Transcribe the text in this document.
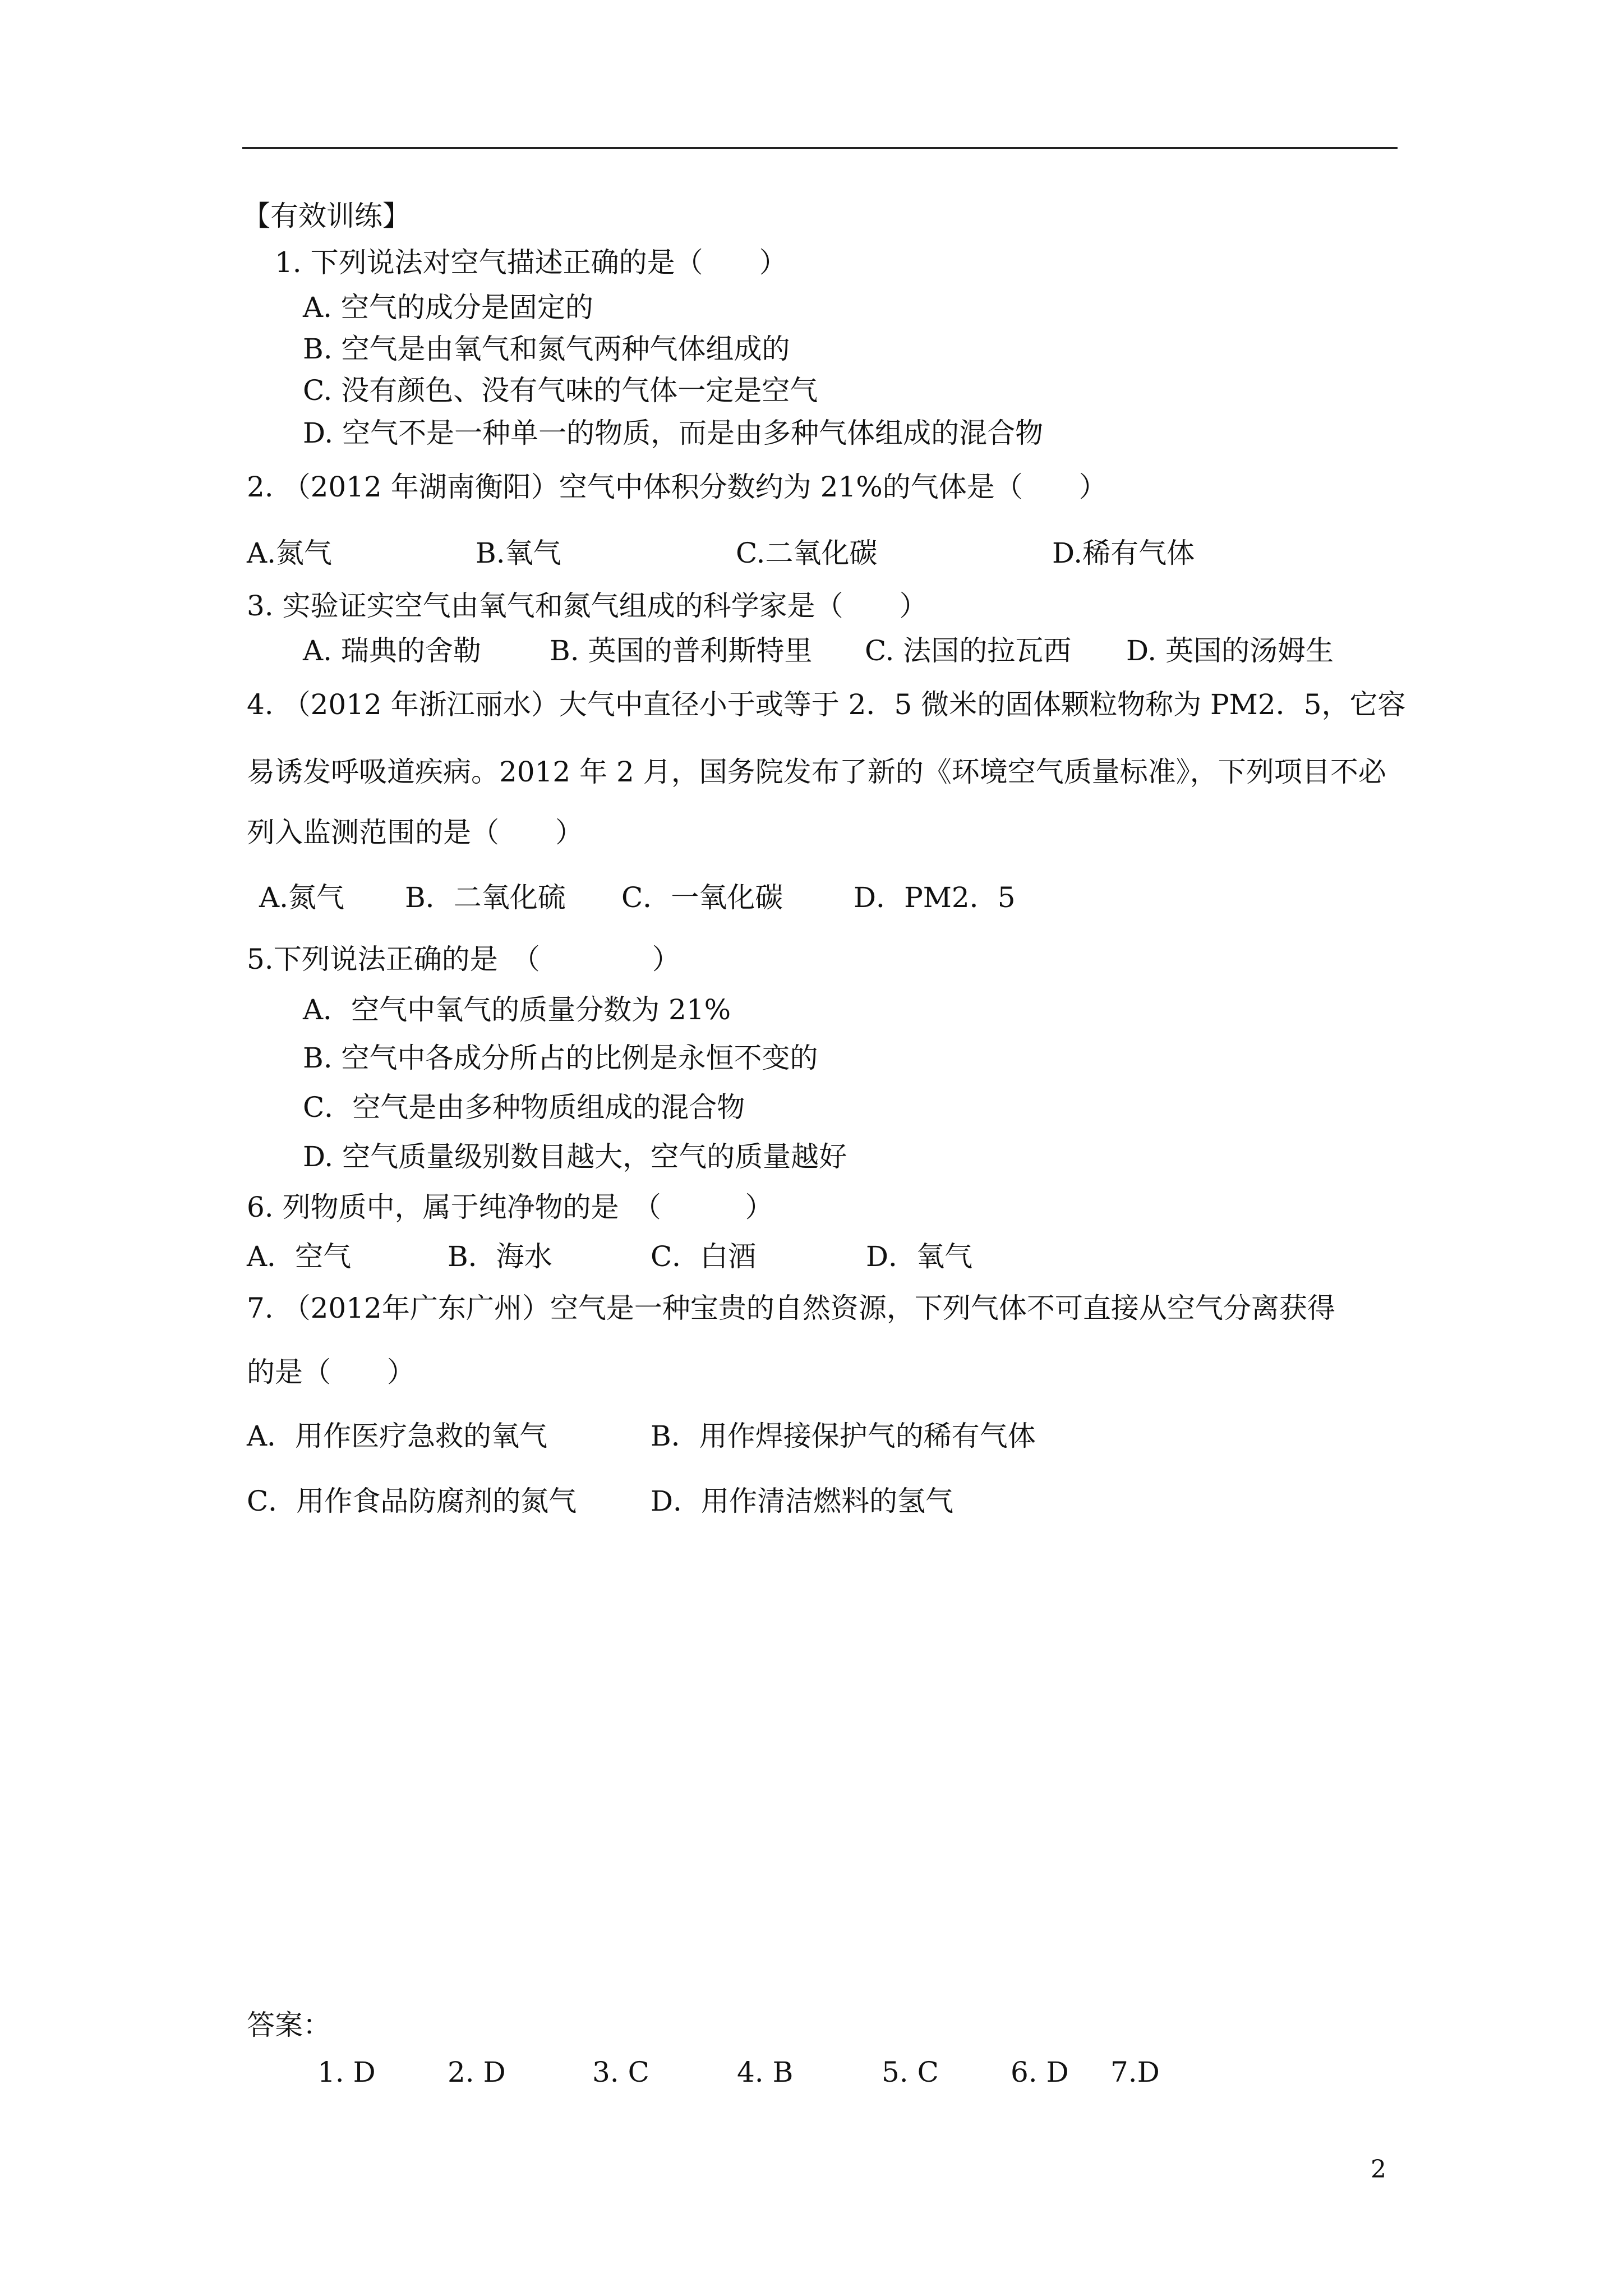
【有效训练】
1. 下列说法对空气描述正确的是（　　）
A. 空气的成分是固定的
B. 空气是由氧气和氮气两种气体组成的
C. 没有颜色、没有气味的气体一定是空气
D. 空气不是一种单一的物质，而是由多种气体组成的混合物
2. （2012 年湖南衡阳）空气中体积分数约为 21%的气体是（　　）
A.氮气	B.氧气	C.二氧化碳	D.稀有气体
3. 实验证实空气由氧气和氮气组成的科学家是（　　）
A. 瑞典的舍勒 B. 英国的普利斯特里 C. 法国的拉瓦西 D. 英国的汤姆生
4. （2012 年浙江丽水）大气中直径小于或等于 2．5 微米的固体颗粒物称为 PM2．5，它容
易诱发呼吸道疾病。2012 年 2 月，国务院发布了新的《环境空气质量标准》，下列项目不必
列入监测范围的是（　　）
A.氮气 B．二氧化硫 C．一氧化碳	D．PM2．5
5.下列说法正确的是　（　　　　）
A．空气中氧气的质量分数为 21%
B. 空气中各成分所占的比例是永恒不变的
C．空气是由多种物质组成的混合物
D. 空气质量级别数目越大，空气的质量越好
6. 列物质中，属于纯净物的是　（　　　）
A．空气	B．海水	C．白酒	D．氧气
7. （2012年广东广州）空气是一种宝贵的自然资源，下列气体不可直接从空气分离获得
的是（　　）
A．用作医疗急救的氧气	B．用作焊接保护气的稀有气体
C．用作食品防腐剂的氮气	D．用作清洁燃料的氢气
答案：
1. D	2. D	3. C	4. B	5. C	6. D 7.D
2
